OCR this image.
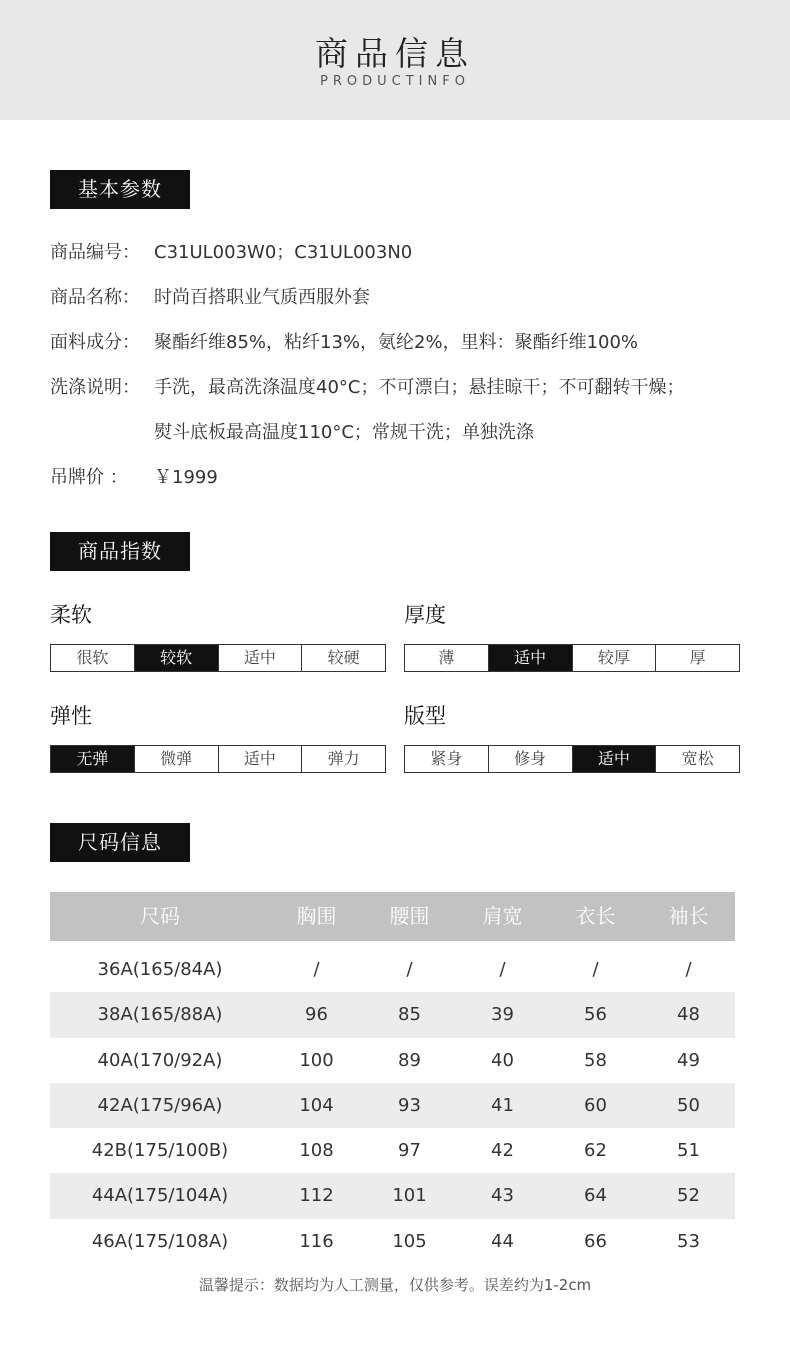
商品信息
PRODUCTINFO
基本参数
商品编号： C31UL003W0；C31UL003N0
商品名称： 时尚百搭职业气质西服外套
面料成分： 聚酯纤维85%，粘纤13%，氨纶2%，里料：聚酯纤维100%
洗涤说明： 手洗，最高洗涤温度40°C；不可漂白；悬挂晾干；不可翻转干燥；
熨斗底板最高温度110°C；常规干洗；单独洗涤
吊牌价 ： ￥1999
商品指数
柔软
很软	较软	适中	较硬
厚度
薄	适中	较厚	厚
弹性
无弹	微弹	适中	弹力
版型
紧身	修身	适中	宽松
尺码信息
尺码	胸围	腰围	肩宽	衣长	袖长
36A(165/84A)	/	/	/	/	/
38A(165/88A)	96	85	39	56	48
40A(170/92A)	100	89	40	58	49
42A(175/96A)	104	93	41	60	50
42B(175/100B)	108	97	42	62	51
44A(175/104A)	112	101	43	64	52
46A(175/108A)	116	105	44	66	53
温馨提示：数据均为人工测量，仅供参考。误差约为1-2cm
